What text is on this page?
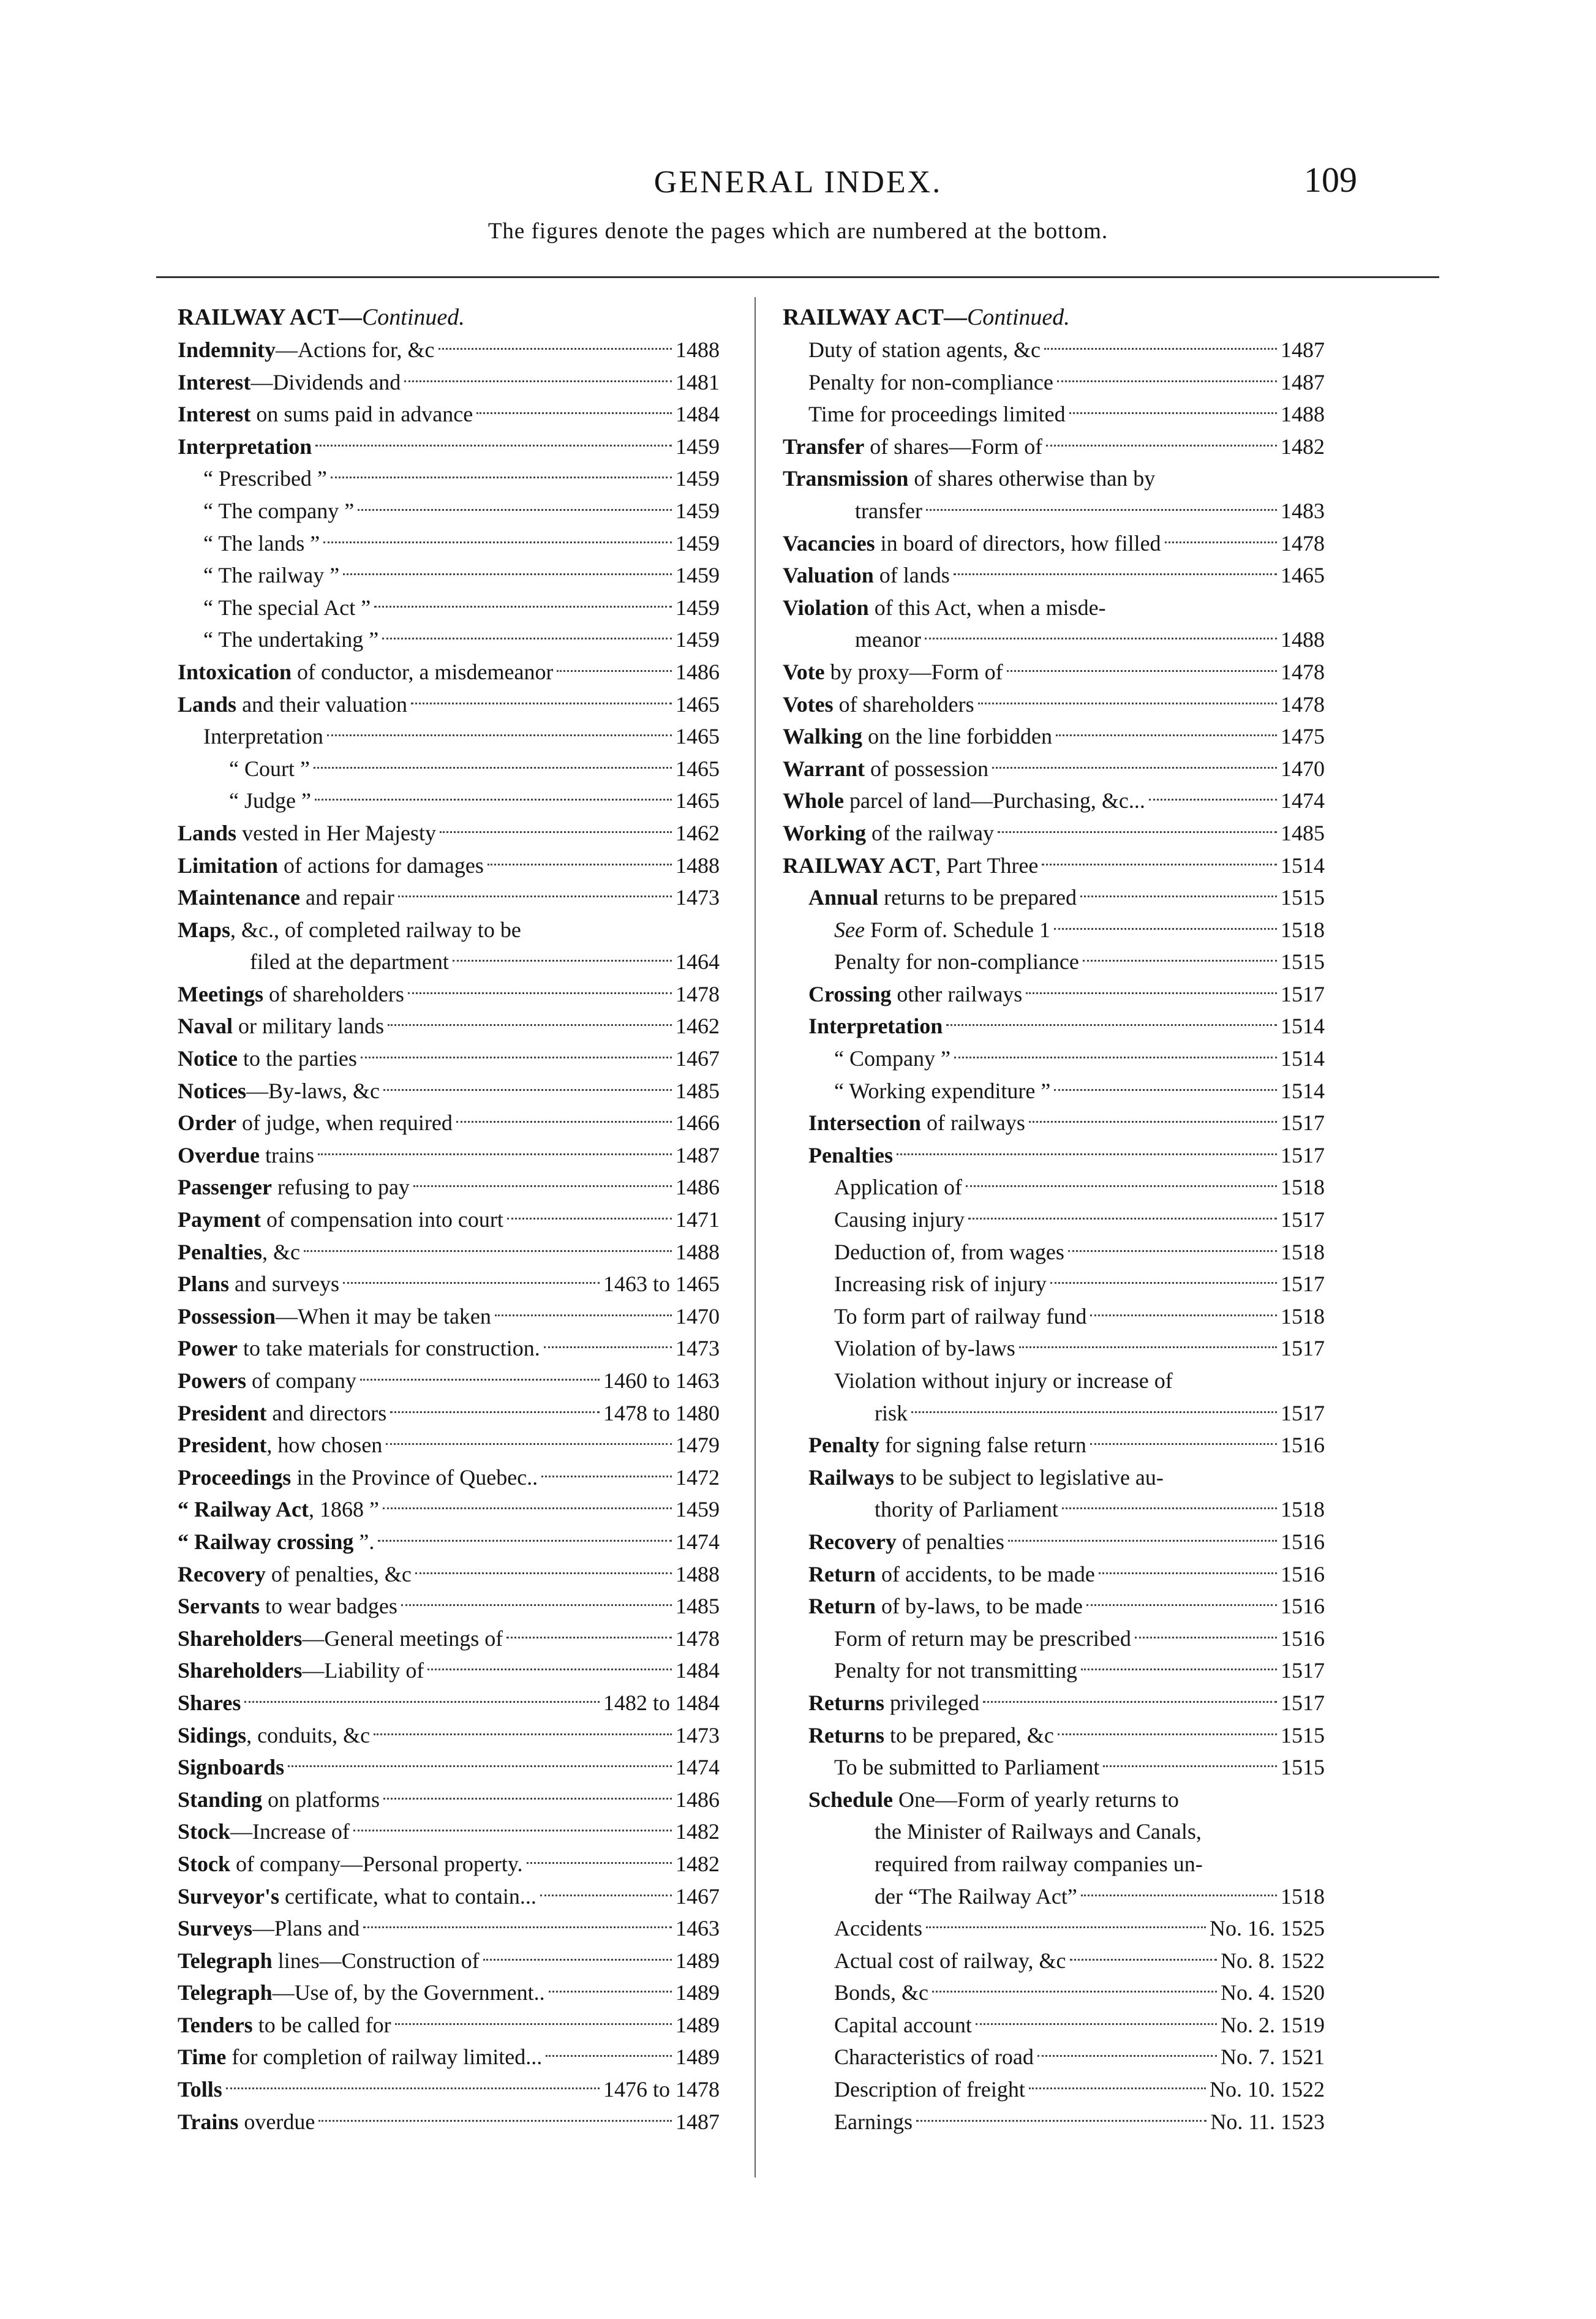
GENERAL INDEX.	109
The figures denote the pages which are numbered at the bottom.
RAILWAY ACT—Continued.
Indemnity—Actions for, &c	1488
Interest—Dividends and	1481
Interest on sums paid in advance	1484
Interpretation	1459
“ Prescribed ”	1459
“ The company ”	1459
“ The lands ”	1459
“ The railway ”	1459
“ The special Act ”	1459
“ The undertaking ”	1459
Intoxication of conductor, a misdemeanor	1486
Lands and their valuation	1465
Interpretation	1465
“ Court ”	1465
“ Judge ”	1465
Lands vested in Her Majesty	1462
Limitation of actions for damages	1488
Maintenance and repair	1473
Maps, &c., of completed railway to be
filed at the department	1464
Meetings of shareholders	1478
Naval or military lands	1462
Notice to the parties	1467
Notices—By-laws, &c	1485
Order of judge, when required	1466
Overdue trains	1487
Passenger refusing to pay	1486
Payment of compensation into court	1471
Penalties, &c	1488
Plans and surveys	1463 to 1465
Possession—When it may be taken	1470
Power to take materials for construction.	1473
Powers of company	1460 to 1463
President and directors	1478 to 1480
President, how chosen	1479
Proceedings in the Province of Quebec..	1472
“ Railway Act, 1868 ”	1459
“ Railway crossing ”.	1474
Recovery of penalties, &c	1488
Servants to wear badges	1485
Shareholders—General meetings of	1478
Shareholders—Liability of	1484
Shares	1482 to 1484
Sidings, conduits, &c	1473
Signboards	1474
Standing on platforms	1486
Stock—Increase of	1482
Stock of company—Personal property.	1482
Surveyor's certificate, what to contain...	1467
Surveys—Plans and	1463
Telegraph lines—Construction of	1489
Telegraph—Use of, by the Government..	1489
Tenders to be called for	1489
Time for completion of railway limited...	1489
Tolls	1476 to 1478
Trains overdue	1487
RAILWAY ACT—Continued.
Duty of station agents, &c	1487
Penalty for non-compliance	1487
Time for proceedings limited	1488
Transfer of shares—Form of	1482
Transmission of shares otherwise than by
transfer	1483
Vacancies in board of directors, how filled	1478
Valuation of lands	1465
Violation of this Act, when a misde-
meanor	1488
Vote by proxy—Form of	1478
Votes of shareholders	1478
Walking on the line forbidden	1475
Warrant of possession	1470
Whole parcel of land—Purchasing, &c...	1474
Working of the railway	1485
RAILWAY ACT, Part Three	1514
Annual returns to be prepared	1515
See Form of. Schedule 1	1518
Penalty for non-compliance	1515
Crossing other railways	1517
Interpretation	1514
“ Company ”	1514
“ Working expenditure ”	1514
Intersection of railways	1517
Penalties	1517
Application of	1518
Causing injury	1517
Deduction of, from wages	1518
Increasing risk of injury	1517
To form part of railway fund	1518
Violation of by-laws	1517
Violation without injury or increase of
risk	1517
Penalty for signing false return	1516
Railways to be subject to legislative au-
thority of Parliament	1518
Recovery of penalties	1516
Return of accidents, to be made	1516
Return of by-laws, to be made	1516
Form of return may be prescribed	1516
Penalty for not transmitting	1517
Returns privileged	1517
Returns to be prepared, &c	1515
To be submitted to Parliament	1515
Schedule One—Form of yearly returns to
the Minister of Railways and Canals,
required from railway companies un-
der “The Railway Act”	1518
Accidents	No. 16. 1525
Actual cost of railway, &c	No. 8. 1522
Bonds, &c	No. 4. 1520
Capital account	No. 2. 1519
Characteristics of road	No. 7. 1521
Description of freight	No. 10. 1522
Earnings	No. 11. 1523
